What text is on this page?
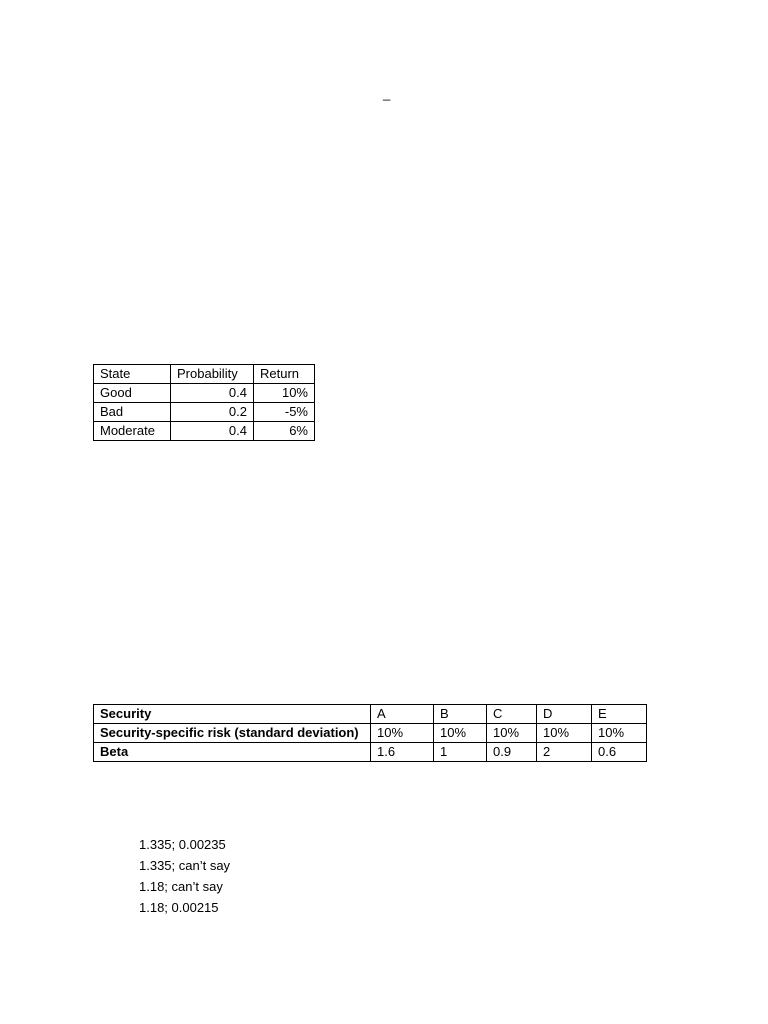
_
State	Probability	Return
Good	0.4	10%
Bad	0.2	-5%
Moderate	0.4	6%
Security	A	B	C	D	E
Security-specific risk (standard deviation)	10%	10%	10%	10%	10%
Beta	1.6	1	0.9	2	0.6
1.335; 0.00235
1.335; can’t say
1.18; can’t say
1.18; 0.00215
